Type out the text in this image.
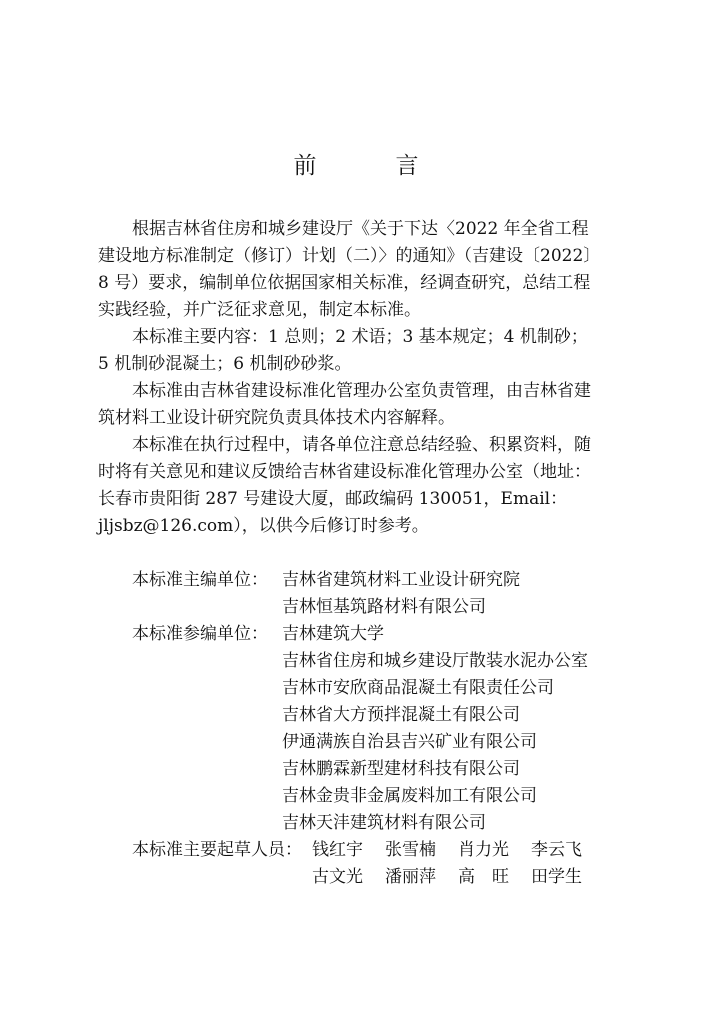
前　言
根据吉林省住房和城乡建设厅《关于下达〈2022 年全省工程
建设地方标准制定（修订）计划（二）〉的通知》（吉建设〔2022〕
8 号）要求，编制单位依据国家相关标准，经调查研究，总结工程
实践经验，并广泛征求意见，制定本标准。
本标准主要内容：1 总则；2 术语；3 基本规定；4 机制砂；
5 机制砂混凝土；6 机制砂砂浆。
本标准由吉林省建设标准化管理办公室负责管理，由吉林省建
筑材料工业设计研究院负责具体技术内容解释。
本标准在执行过程中，请各单位注意总结经验、积累资料，随
时将有关意见和建议反馈给吉林省建设标准化管理办公室（地址：
长春市贵阳街 287 号建设大厦，邮政编码 130051，Email：
jljsbz@126.com），以供今后修订时参考。
本标准主编单位： 吉林省建筑材料工业设计研究院
吉林恒基筑路材料有限公司
本标准参编单位： 吉林建筑大学
吉林省住房和城乡建设厅散装水泥办公室
吉林市安欣商品混凝土有限责任公司
吉林省大方预拌混凝土有限公司
伊通满族自治县吉兴矿业有限公司
吉林鹏霖新型建材科技有限公司
吉林金贵非金属废料加工有限公司
吉林天沣建筑材料有限公司
本标准主要起草人员： 钱红宇 张雪楠 肖力光 李云飞
古文光 潘丽萍 高　旺 田学生
